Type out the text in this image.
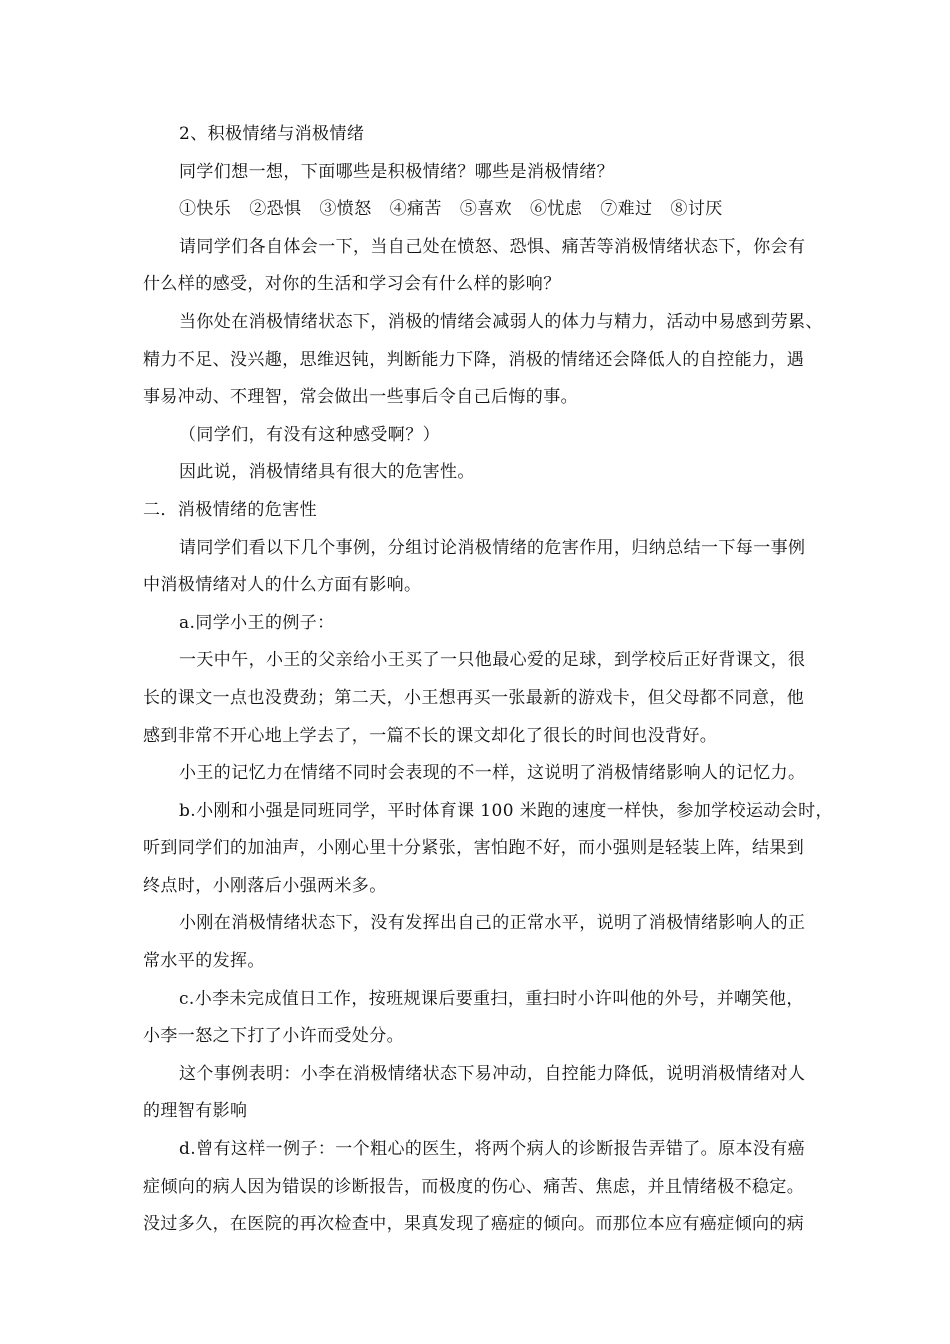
2、积极情绪与消极情绪

同学们想一想，下面哪些是积极情绪？哪些是消极情绪？

①快乐 ②恐惧 ③愤怒 ④痛苦 ⑤喜欢 ⑥忧虑 ⑦难过 ⑧讨厌

请同学们各自体会一下，当自己处在愤怒、恐惧、痛苦等消极情绪状态下，你会有
什么样的感受，对你的生活和学习会有什么样的影响？
当你处在消极情绪状态下，消极的情绪会减弱人的体力与精力，活动中易感到劳累、
精力不足、没兴趣，思维迟钝，判断能力下降，消极的情绪还会降低人的自控能力，遇
事易冲动、不理智，常会做出一些事后令自己后悔的事。

（同学们，有没有这种感受啊？）

因此说，消极情绪具有很大的危害性。

二．消极情绪的危害性

请同学们看以下几个事例，分组讨论消极情绪的危害作用，归纳总结一下每一事例
中消极情绪对人的什么方面有影响。

a.同学小王的例子：

一天中午，小王的父亲给小王买了一只他最心爱的足球，到学校后正好背课文，很
长的课文一点也没费劲；第二天，小王想再买一张最新的游戏卡，但父母都不同意，他
感到非常不开心地上学去了，一篇不长的课文却化了很长的时间也没背好。

小王的记忆力在情绪不同时会表现的不一样，这说明了消极情绪影响人的记忆力。

b.小刚和小强是同班同学，平时体育课 100 米跑的速度一样快，参加学校运动会时，
听到同学们的加油声，小刚心里十分紧张，害怕跑不好，而小强则是轻装上阵，结果到
终点时，小刚落后小强两米多。
小刚在消极情绪状态下，没有发挥出自己的正常水平，说明了消极情绪影响人的正
常水平的发挥。
c.小李未完成值日工作，按班规课后要重扫，重扫时小许叫他的外号，并嘲笑他，
小李一怒之下打了小许而受处分。
这个事例表明：小李在消极情绪状态下易冲动，自控能力降低，说明消极情绪对人
的理智有影响
d.曾有这样一例子：一个粗心的医生，将两个病人的诊断报告弄错了。原本没有癌
症倾向的病人因为错误的诊断报告，而极度的伤心、痛苦、焦虑，并且情绪极不稳定。
没过多久，在医院的再次检查中，果真发现了癌症的倾向。而那位本应有癌症倾向的病
